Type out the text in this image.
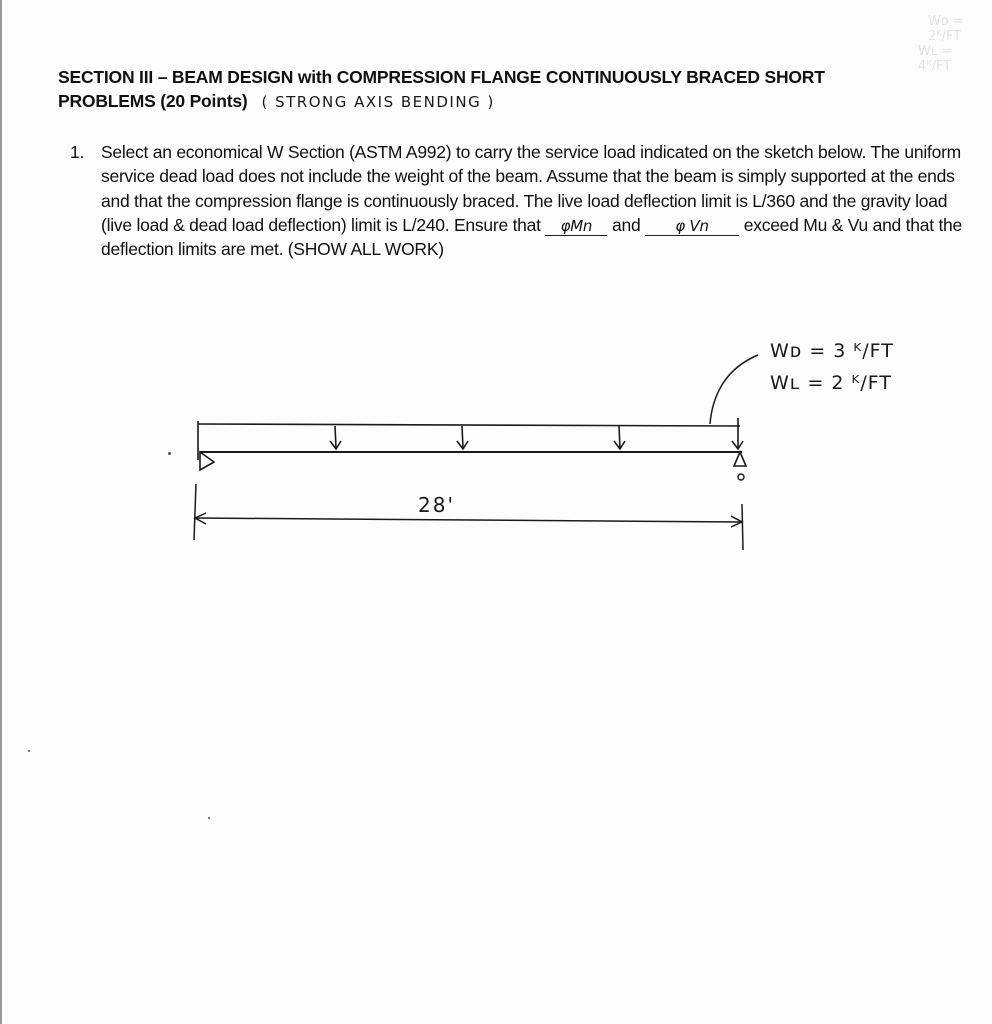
Wᴅ = 2ᴷ/FT
Wʟ = 4ᴷ/FT
SECTION III – BEAM DESIGN with COMPRESSION FLANGE CONTINUOUSLY BRACED SHORT
PROBLEMS (20 Points) ( STRONG AXIS BENDING )
1. Select an economical W Section (ASTM A992) to carry the service load indicated on the sketch below. The uniform service dead load does not include the weight of the beam. Assume that the beam is simply supported at the ends and that the compression flange is continuously braced. The live load deflection limit is L/360 and the gravity load (live load & dead load deflection) limit is L/240. Ensure that φMn and φ Vn exceed Mu & Vu and that the deflection limits are met. (SHOW ALL WORK)
Wᴅ = 3 ᴷ/FT
Wʟ = 2 ᴷ/FT
28'
